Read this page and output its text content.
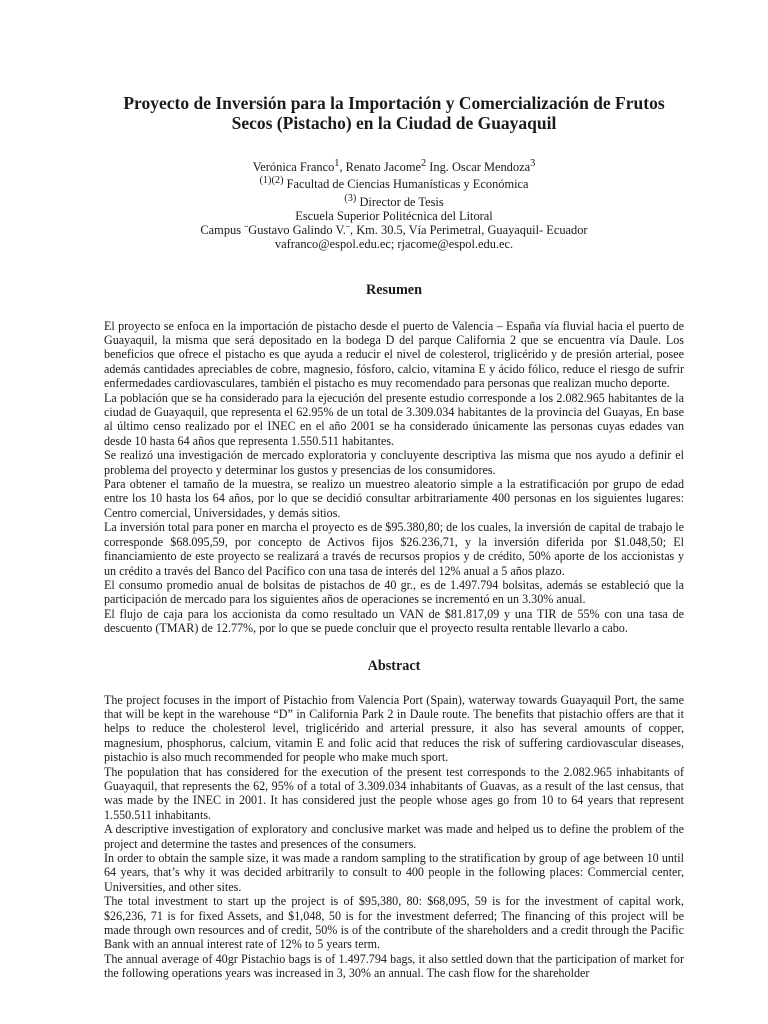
Proyecto de Inversión para la Importación y Comercialización de Frutos Secos (Pistacho) en la Ciudad de Guayaquil
Verónica Franco$^1$, Renato Jacome$^2$ Ing. Oscar Mendoza$^3$
$^{(1)(2)}$ Facultad de Ciencias Humanísticas y Económica
$^{(3)}$ Director de Tesis
Escuela Superior Politécnica del Litoral
Campus ¨Gustavo Galindo V.¨, Km. 30.5, Vía Perimetral, Guayaquil- Ecuador
vafranco@espol.edu.ec; rjacome@espol.edu.ec.
Resumen

El proyecto se enfoca en la importación de pistacho desde el puerto de Valencia – España vía fluvial hacia el puerto de Guayaquil, la misma que será depositado en la bodega D del parque California 2 que se encuentra vía Daule. Los beneficios que ofrece el pistacho es que ayuda a reducir el nivel de colesterol, triglicérido y de presión arterial, posee además cantidades apreciables de cobre, magnesio, fósforo, calcio, vitamina E y ácido fólico, reduce el riesgo de sufrir enfermedades cardiovasculares, también el pistacho es muy recomendado para personas que realizan mucho deporte.

La población que se ha considerado para la ejecución del presente estudio corresponde a los 2.082.965 habitantes de la ciudad de Guayaquil, que representa el 62.95% de un total de 3.309.034 habitantes de la provincia del Guayas, En base al último censo realizado por el INEC en el año 2001 se ha considerado únicamente las personas cuyas edades van desde 10 hasta 64 años que representa 1.550.511 habitantes.

Se realizó una investigación de mercado exploratoria y concluyente descriptiva las misma que nos ayudo a definir el problema del proyecto y determinar los gustos y presencias de los consumidores.

Para obtener el tamaño de la muestra, se realizo un muestreo aleatorio simple a la estratificación por grupo de edad entre los 10 hasta los 64 años, por lo que se decidió consultar arbitrariamente 400 personas en los siguientes lugares: Centro comercial, Universidades, y demás sitios.

La inversión total para poner en marcha el proyecto es de $95.380,80; de los cuales, la inversión de capital de trabajo le corresponde $68.095,59, por concepto de Activos fijos $26.236,71, y la inversión diferida por $1.048,50; El financiamiento de este proyecto se realizará a través de recursos propios y de crédito, 50% aporte de los accionistas y un crédito a través del Banco del Pacífico con una tasa de interés del 12% anual a 5 años plazo.

El consumo promedio anual de bolsitas de pistachos de 40 gr., es de 1.497.794 bolsitas, además se estableció que la participación de mercado para los siguientes años de operaciones se incrementó en un 3.30% anual.

El flujo de caja para los accionista da como resultado un VAN de $81.817,09 y una TIR de 55% con una tasa de descuento (TMAR) de 12.77%, por lo que se puede concluir que el proyecto resulta rentable llevarlo a cabo.

Abstract

The project focuses in the import of Pistachio from Valencia Port (Spain), waterway towards Guayaquil Port, the same that will be kept in the warehouse “D” in California Park 2 in Daule route. The benefits that pistachio offers are that it helps to reduce the cholesterol level, triglicérido and arterial pressure, it also has several amounts of copper, magnesium, phosphorus, calcium, vitamin E and folic acid that reduces the risk of suffering cardiovascular diseases, pistachio is also much recommended for people who make much sport.

The population that has considered for the execution of the present test corresponds to the 2.082.965 inhabitants of Guayaquil, that represents the 62, 95% of a total of 3.309.034 inhabitants of Guavas, as a result of the last census, that was made by the INEC in 2001. It has considered just the people whose ages go from 10 to 64 years that represent 1.550.511 inhabitants.

A descriptive investigation of exploratory and conclusive market was made and helped us to define the problem of the project and determine the tastes and presences of the consumers.

In order to obtain the sample size, it was made a random sampling to the stratification by group of age between 10 until 64 years, that’s why it was decided arbitrarily to consult to 400 people in the following places: Commercial center, Universities, and other sites.

The total investment to start up the project is of $95,380, 80: $68,095, 59 is for the investment of capital work, $26,236, 71 is for fixed Assets, and $1,048, 50 is for the investment deferred; The financing of this project will be made through own resources and of credit, 50% is of the contribute of the shareholders and a credit through the Pacific Bank with an annual interest rate of 12% to 5 years term.

The annual average of 40gr Pistachio bags is of 1.497.794 bags, it also settled down that the participation of market for the following operations years was increased in 3, 30% an annual. The cash flow for the shareholder
